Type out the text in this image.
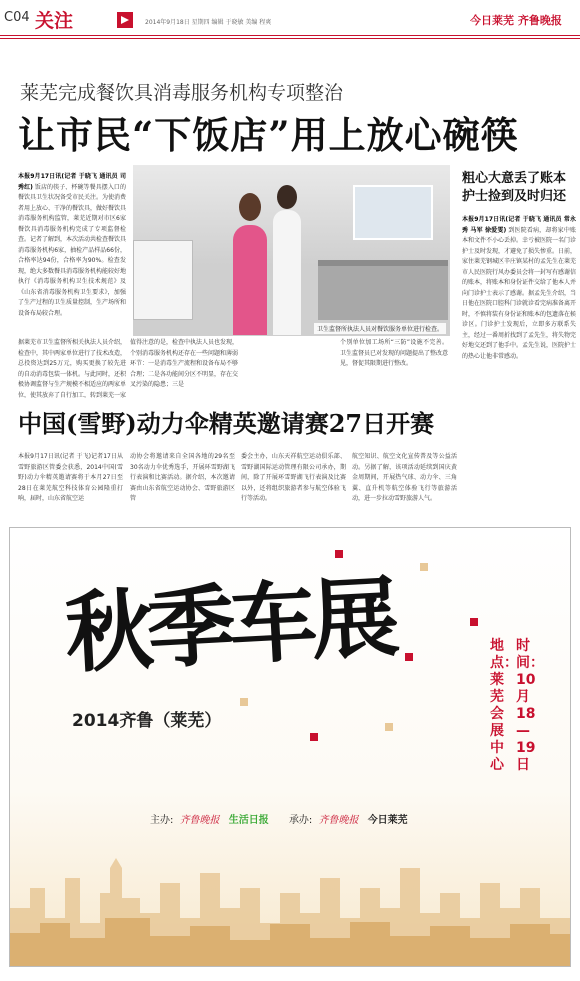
C04 关注	2014年9月18日 星期四 编辑 于晓敏 美编 程爽	今日莱芜 齐鲁晚报
莱芜完成餐饮具消毒服务机构专项整治
让市民“下饭店”用上放心碗筷
本报9月17日讯(记者 于晓飞 通讯员 司秀红) 饭店的筷子、杯碗等餐具摆入口的餐饮具卫生状况备受市民关注。为使消费者用上放心、干净的餐饮具，做好餐饮具消毒服务机构监管，莱芜近期对市区6家餐饮具消毒服务机构完成了专项监督检查。记者了解到，本次活动共检查餐饮具消毒服务机构6家，抽检产品样品66份，合格率达94份，合格率为90%。检查发现，绝大多数餐具消毒服务机构能较好地执行《消毒服务机构卫生技术规范》及《山东省消毒服务机构卫生要求》，加强了生产过程的卫生质量控制，生产场所和设备布局较合理。
卫生监督所执法人员对餐饮服务单位进行检查。
据莱芜市卫生监督所相关执法人员介绍，检查中，其中两家单位进行了技术改造，总投资达到25万元，购买更换了较先进的自动消毒包装一体机。与此同时，还积极协调监督与生产规模不相适应的两家单位，使其放弃了自行加工，转到莱芜一家
值得注意的是，检查中执法人员也发现，个别消毒服务机构还存在一些问题和薄弱环节：一是消毒生产流程和设备布局不够合理；二是各功能间分区不明显，存在交叉污染的隐患；三是
个别单位加工场所“三防”设施不完善。卫生监督员已对发现的问题提出了整改意见，督促其限期进行整改。
粗心大意丢了账本护士捡到及时归还
本报9月17日讯(记者 于晓飞 通讯员 常永秀 马军 徐爱雯) 到医院看病，却将家中账本和文件不小心丢掉。幸亏被医院一名门诊护士及时发现，才避免了损失惨重。日前，家住莱芜钢城区辛庄镇某村的孟先生在莱芜市人民医院行风办委员会将一封写有感谢信的账本，将账本和身份证件交给了他本人并向门诊护士表示了感谢。据孟先生介绍，当日他在医院口腔科门诊就诊看完病准备离开时，不慎将装有身份证和账本的包遗落在候诊区。门诊护士发现后，立即多方联系失主，经过一番周折找到了孟先生，将失物完好地交还到了他手中。孟先生说，医院护士的热心让他非常感动。
中国(雪野)动力伞精英邀请赛27日开赛
本报9月17日讯(记者 于飞)记者17日从雪野旅游区管委会获悉，2014中国(雪野)动力伞精英邀请赛将于本月27日至28日在莱芜航空科技体育公园隆重打响，届时，山东省航空运
动协会将邀请来自全国各地的29名至30名动力伞优秀选手，开展环雪野湖飞行表演和比赛活动。据介绍，本次邀请赛由山东省航空运动协会、雪野旅游区管
委会主办，山东天祥航空运动俱乐部、雪野湖国际运动管理有限公司承办，期间，除了开展环雪野湖飞行表演及比赛以外，还将组织旅游者参与航空体验飞行等活动。
航空知识、航空文化宣传普及等公益活动。另据了解，该项活动延续到国庆黄金周期间，开展热气球、动力伞、三角翼、直升机等航空体验飞行等旅游活动，进一步拉动雪野旅游人气。
秋季车展
2014齐鲁（莱芜）
时间：10月18—19日
地点：莱芜会展中心
主办: 齐鲁晚报 生活日报 承办: 齐鲁晚报 今日莱芜
